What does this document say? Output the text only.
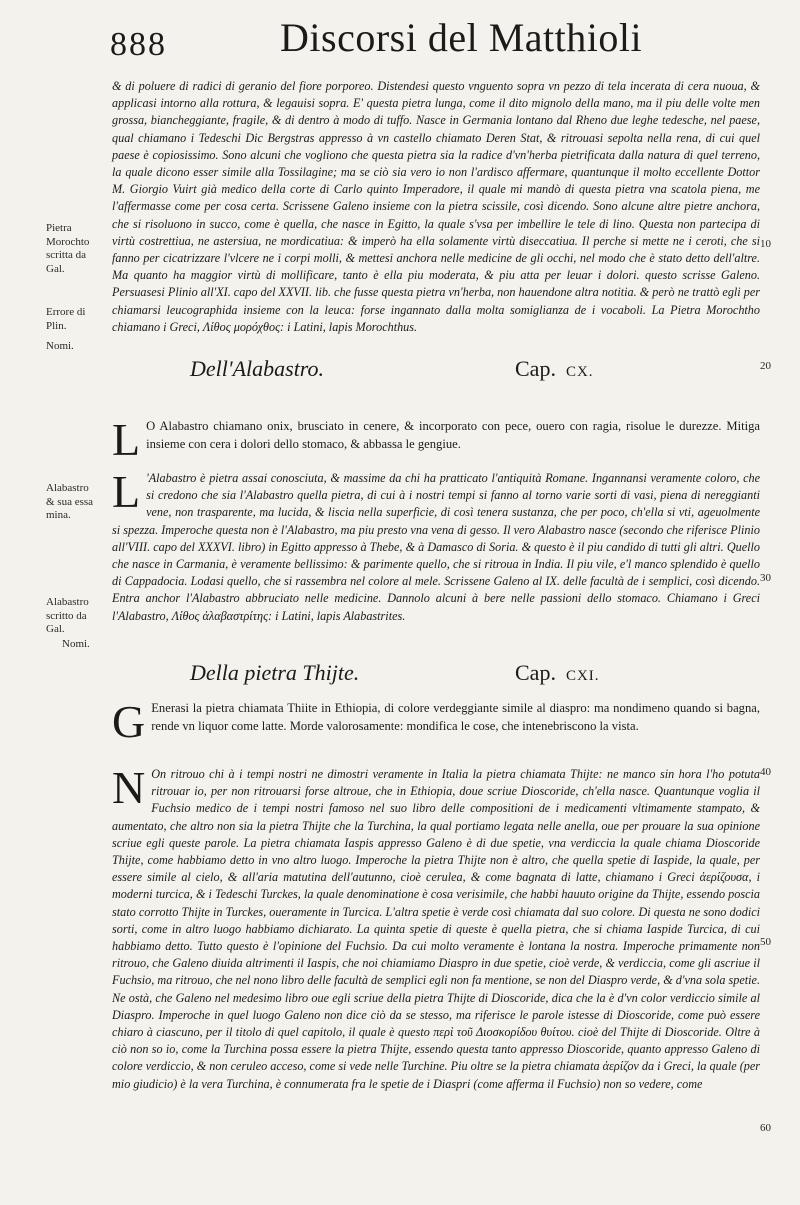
888	Discorsi del Matthioli

& di poluere di radici di geranio del fiore porporeo. Distendesi questo vnguento sopra vn pezzo di tela incerata di cera nuoua, & applicasi intorno alla rottura, & legauisi sopra. E' questa pietra lunga, come il dito mignolo della mano, ma il piu delle volte men grossa, biancheggiante, fragile, & di dentro à modo di tuffo. Nasce in Germania lontano dal Rheno due leghe tedesche, nel paese, qual chiamano i Tedeschi Dic Bergstras appresso à vn castello chiamato Deren Stat, & ritrouasi sepolta nella rena, di cui quel paese è copiosissimo. Sono alcuni che vogliono che questa pietra sia la radice d'vn'herba pietrificata dalla natura di quel terreno, la quale dicono esser simile alla Tossilagine; ma se ciò sia vero io non l'ardisco affermare, quantunque il molto eccellente Dottor M. Giorgio Vuirt già medico della corte di Carlo quinto Imperadore, il quale mi mandò di questa pietra vna scatola piena, me l'affermasse come per cosa certa. Scrissene Galeno insieme con la pietra scissile, così dicendo. Sono alcune altre pietre anchora, che si risoluono in succo, come è quella, che nasce in Egitto, la quale s'vsa per imbellire le tele di lino. Questa non partecipa di virtù costrettiua, ne astersiua, ne mordicatiua: & imperò ha ella solamente virtù diseccatiua. Il perche si mette ne i ceroti, che si fanno per cicatrizzare l'vlcere ne i corpi molli, & mettesi anchora nelle medicine de gli occhi, nel modo che è stato detto dell'altre. Ma quanto ha maggior virtù di mollificare, tanto è ella piu moderata, & piu atta per leuar i dolori. questo scrisse Galeno. Persuasesi Plinio all'XI. capo del XXVII. lib. che fusse questa pietra vn'herba, non hauendone altra notitia. & però ne trattò egli per chiamarsi leucographida insieme con la leuca: forse ingannato dalla molta somiglianza de i vocaboli. La Pietra Morochtho chiamano i Greci, Λίθος μορόχθος: i Latini, lapis Morochthus.

Dell'Alabastro.	Cap. CX.
L O Alabastro chiamano onix, brusciato in cenere, & incorporato con pece, ouero con ragia, risolue le durezze. Mitiga insieme con cera i dolori dello stomaco, & abbassa le gengiue.

L 'Alabastro è pietra assai conosciuta, & massime da chi ha pratticato l'antiquità Romane. Ingannansi veramente coloro, che si credono che sia l'Alabastro quella pietra, di cui à i nostri tempi si fanno al torno varie sorti di vasi, piena di nereggianti vene, non trasparente, ma lucida, & liscia nella superficie, di così tenera sustanza, che per poco, ch'ella si vti, ageuolmente si spezza. Imperoche questa non è l'Alabastro, ma piu presto vna vena di gesso. Il vero Alabastro nasce (secondo che riferisce Plinio all'VIII. capo del XXXVI. libro) in Egitto appresso à Thebe, & à Damasco di Soria. & questo è il piu candido di tutti gli altri. Quello che nasce in Carmania, è veramente bellissimo: & parimente quello, che si ritroua in India. Il piu vile, e'l manco splendido è quello di Cappadocia. Lodasi quello, che si rassembra nel colore al mele. Scrissene Galeno al IX. delle facultà de i semplici, così dicendo. Entra anchor l'Alabastro abbruciato nelle medicine. Dannolo alcuni à bere nelle passioni dello stomaco. Chiamano i Greci l'Alabastro, Λίθος ἀλαβαστρίτης: i Latini, lapis Alabastrites.

Della pietra Thijte.	Cap. CXI.
G Enerasi la pietra chiamata Thiite in Ethiopia, di colore verdeggiante simile al diaspro: ma nondimeno quando si bagna, rende vn liquor come latte. Morde valorosamente: mondifica le cose, che intenebriscono la vista.

N On ritrouo chi à i tempi nostri ne dimostri veramente in Italia la pietra chiamata Thijte: ne manco sin hora l'ho potuta ritrouar io, per non ritrouarsi forse altroue, che in Ethiopia, doue scriue Dioscoride, ch'ella nasce. Quantunque voglia il Fuchsio medico de i tempi nostri famoso nel suo libro delle compositioni de i medicamenti vltimamente stampato, & aumentato, che altro non sia la pietra Thijte che la Turchina, la qual portiamo legata nelle anella, oue per prouare la sua opinione scriue egli queste parole. La pietra chiamata Iaspis appresso Galeno è di due spetie, vna verdiccia la quale chiama Dioscoride Thijte, come habbiamo detto in vno altro luogo. Imperoche la pietra Thijte non è altro, che quella spetie di Iaspide, la quale, per essere simile al cielo, & all'aria matutina dell'autunno, cioè cerulea, & come bagnata di latte, chiamano i Greci ἀερίζουσα, i moderni turcica, & i Tedeschi Turckes, la quale denominatione è cosa verisimile, che habbi hauuto origine da Thijte, essendo poscia stato corrotto Thijte in Turckes, oueramente in Turcica. L'altra spetie è verde così chiamata dal suo colore. Di questa ne sono dodici sorti, come in altro luogo habbiamo dichiarato. La quinta spetie di queste è quella pietra, che si chiama Iaspide Turcica, di cui habbiamo detto. Tutto questo è l'opinione del Fuchsio. Da cui molto veramente è lontana la nostra. Imperoche primamente non ritrouo, che Galeno diuida altrimenti il Iaspis, che noi chiamiamo Diaspro in due spetie, cioè verde, & verdiccia, come gli ascriue il Fuchsio, ma ritrouo, che nel nono libro delle facultà de semplici egli non fa mentione, se non del Diaspro verde, & d'vna sola spetie. Ne ostà, che Galeno nel medesimo libro oue egli scriue della pietra Thijte di Dioscoride, dica che la è d'vn color verdiccio simile al Diaspro. Imperoche in quel luogo Galeno non dice ciò da se stesso, ma riferisce le parole istesse di Dioscoride, come può essere chiaro à ciascuno, per il titolo di quel capitolo, il quale è questo περὶ τοῦ Διοσκορίδου θυίτου. cioè del Thijte di Dioscoride. Oltre à ciò non so io, come la Turchina possa essere la pietra Thijte, essendo questa tanto appresso Dioscoride, quanto appresso Galeno di colore verdiccio, & non ceruleo acceso, come si vede nelle Turchine. Piu oltre se la pietra chiamata ἀερίζον da i Greci, la quale (per mio giudicio) è la vera Turchina, è connumerata fra le spetie de i Diaspri (come afferma il Fuchsio) non so vedere, come

Pietra
Morochto
scritta da
Gal.
Errore di
Plin.
Nomi.
Alabastro
& sua essa
mina.
Alabastro
scritto da
Gal.
Nomi.
10
20
30
40
50
60
